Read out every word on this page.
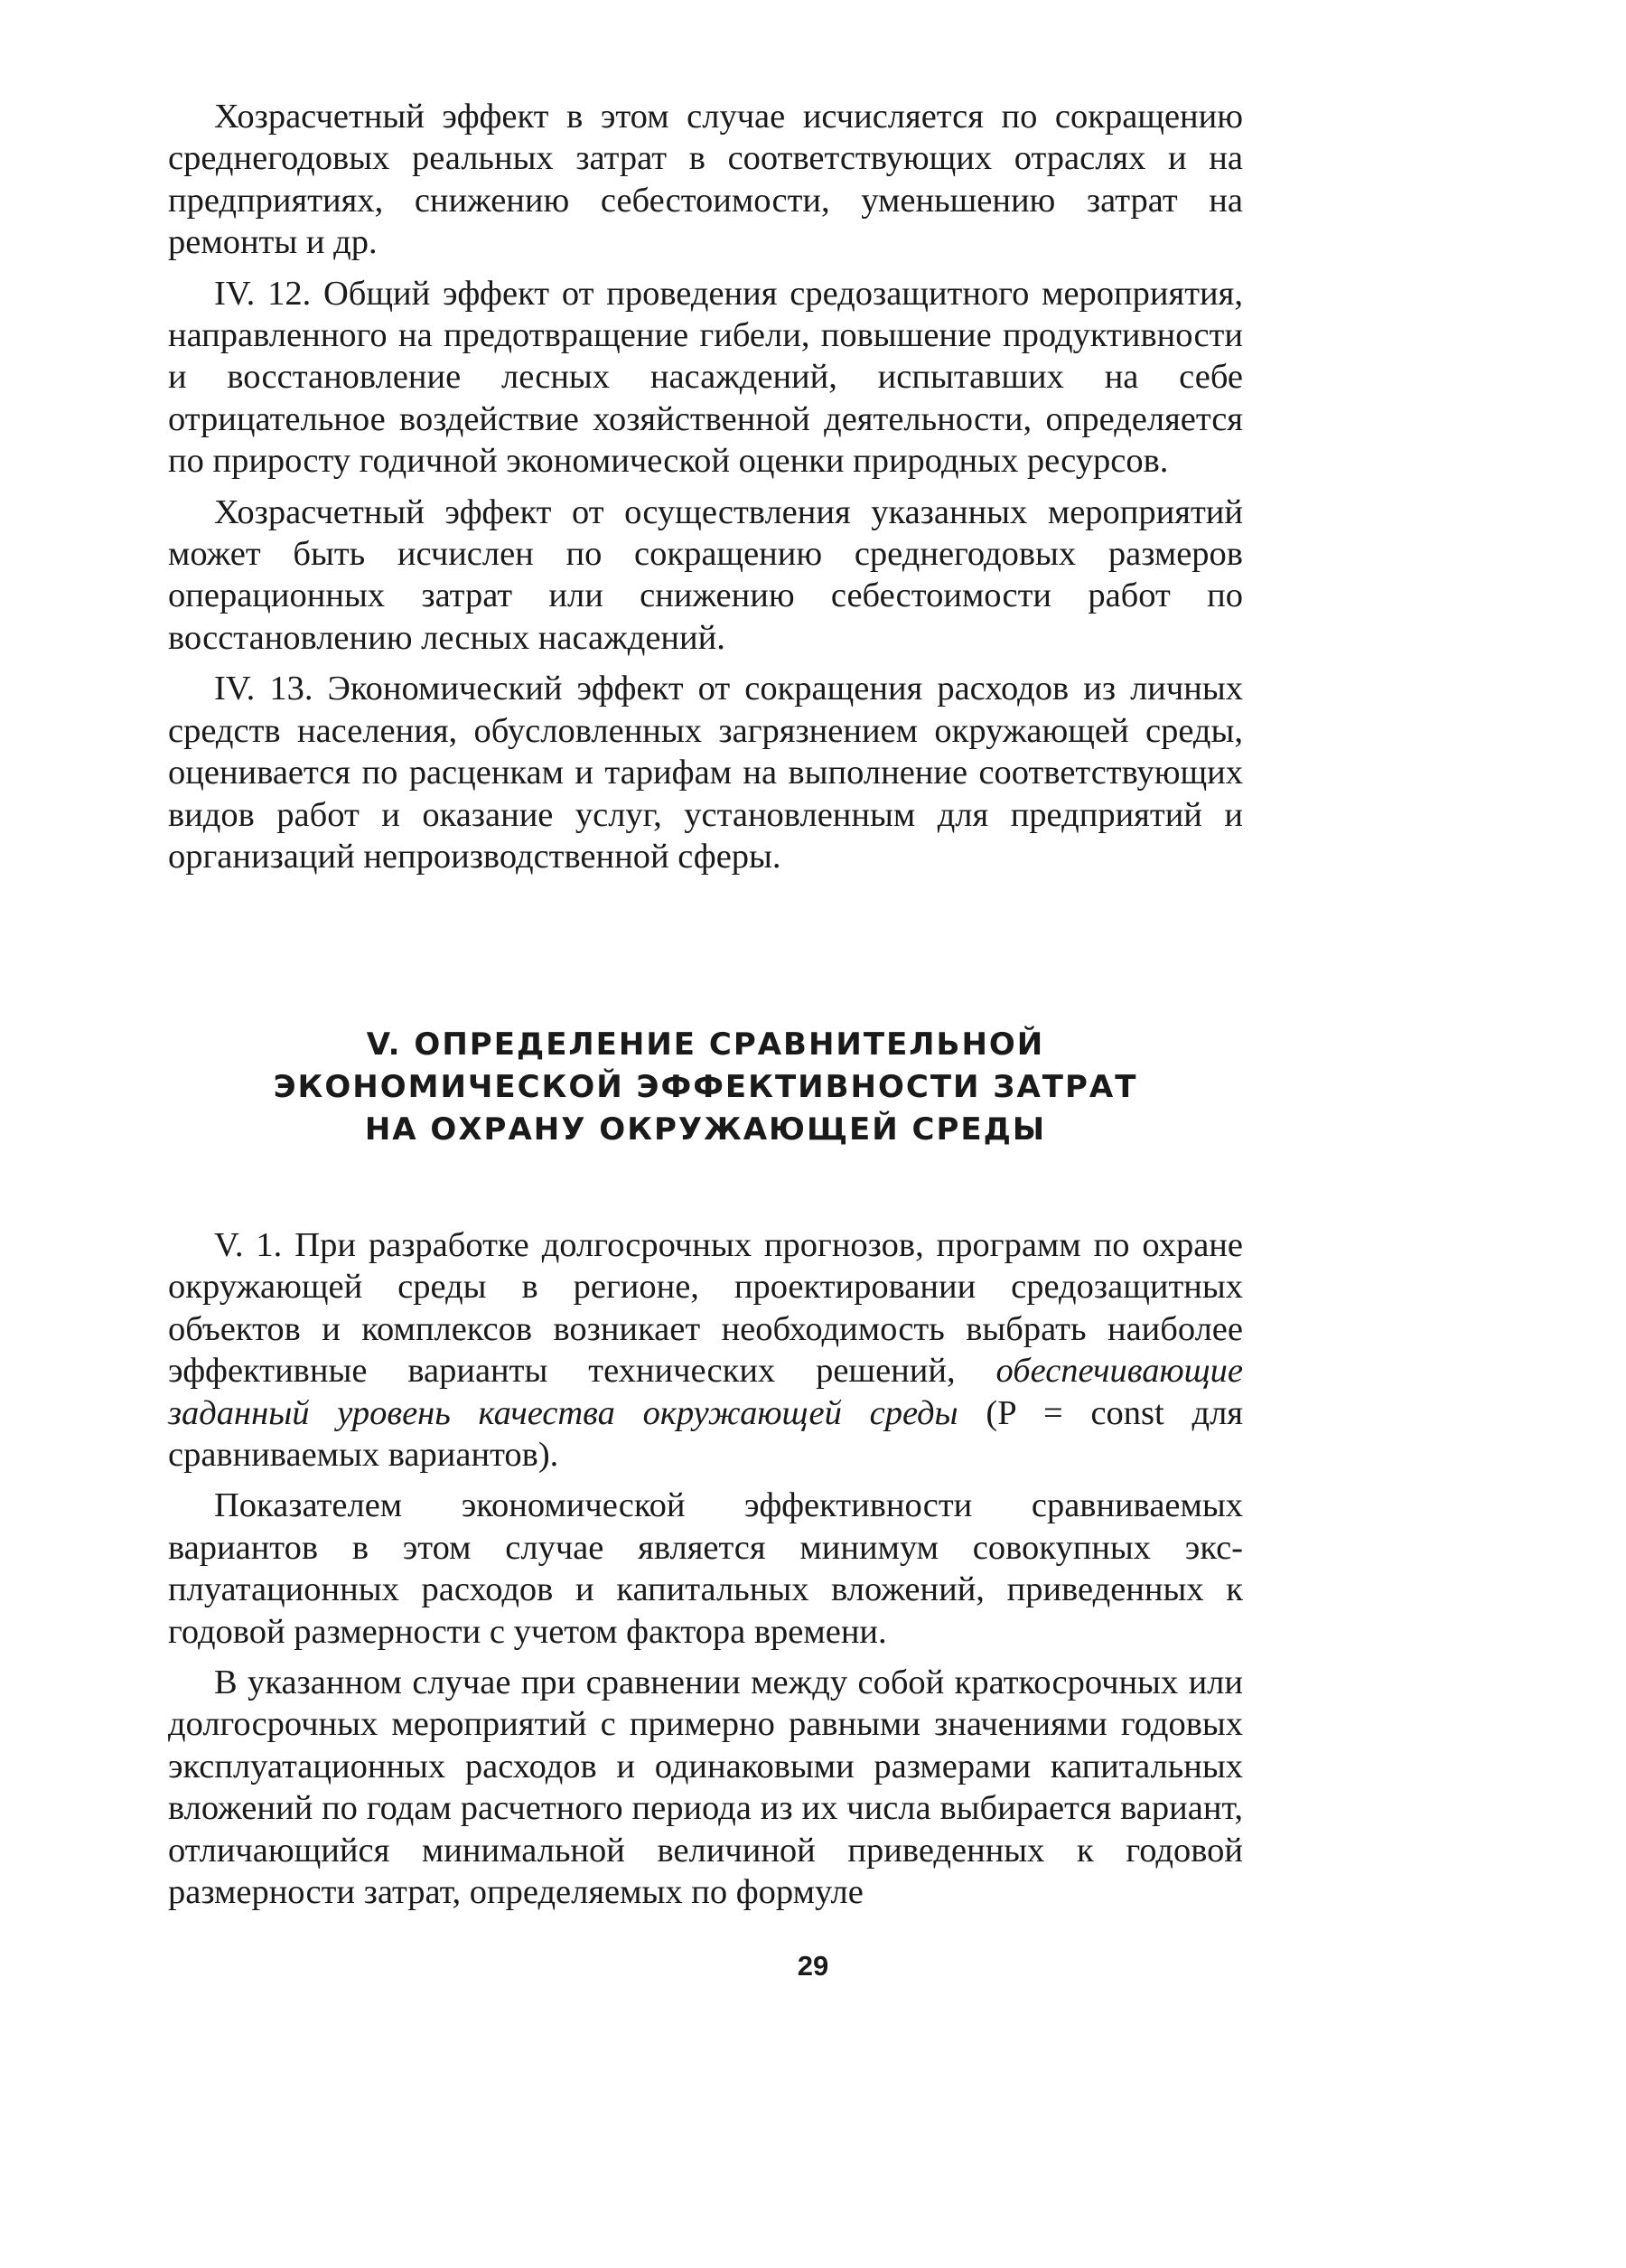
Хозрасчетный эффект в этом случае исчисляется по сокращению среднегодовых реальных затрат в соответствующих отраслях и на предприятиях, снижению себестоимости, уменьшению затрат на ремонты и др.

IV. 12. Общий эффект от проведения средозащитного мероприятия, направленного на предотвращение гибели, повышение продуктивности и восстановление лесных насаждений, испытавших на себе отрицательное воздействие хозяйственной деятельности, определяется по приросту годичной экономической оценки природных ресурсов.

Хозрасчетный эффект от осуществления указанных мероприятий может быть исчислен по сокращению среднегодовых размеров операционных затрат или снижению себестоимости работ по восстановлению лесных насаждений.

IV. 13. Экономический эффект от сокращения расходов из личных средств населения, обусловленных загрязнением окружающей среды, оценивается по расценкам и тарифам на выполнение соответствующих видов работ и оказание услуг, установленным для предприятий и организаций непроизводственной сферы.

V. ОПРЕДЕЛЕНИЕ СРАВНИТЕЛЬНОЙ
ЭКОНОМИЧЕСКОЙ ЭФФЕКТИВНОСТИ ЗАТРАТ
НА ОХРАНУ ОКРУЖАЮЩЕЙ СРЕДЫ

V. 1. При разработке долгосрочных прогнозов, программ по охране окружающей среды в регионе, проектировании средозащитных объектов и комплексов возникает необходимость выбрать наиболее эффективные варианты технических решений, обеспечивающие заданный уровень качества окружающей среды (P = const для сравниваемых вариантов).

Показателем экономической эффективности сравниваемых вариантов в этом случае является минимум совокупных эксплуатационных расходов и капитальных вложений, приведенных к годовой размерности с учетом фактора времени.

В указанном случае при сравнении между собой краткосрочных или долгосрочных мероприятий с примерно равными значениями годовых эксплуатационных расходов и одинаковыми размерами капитальных вложений по годам расчетного периода из их числа выбирается вариант, отличающийся минимальной величиной приведенных к годовой размерности затрат, определяемых по формуле

29
